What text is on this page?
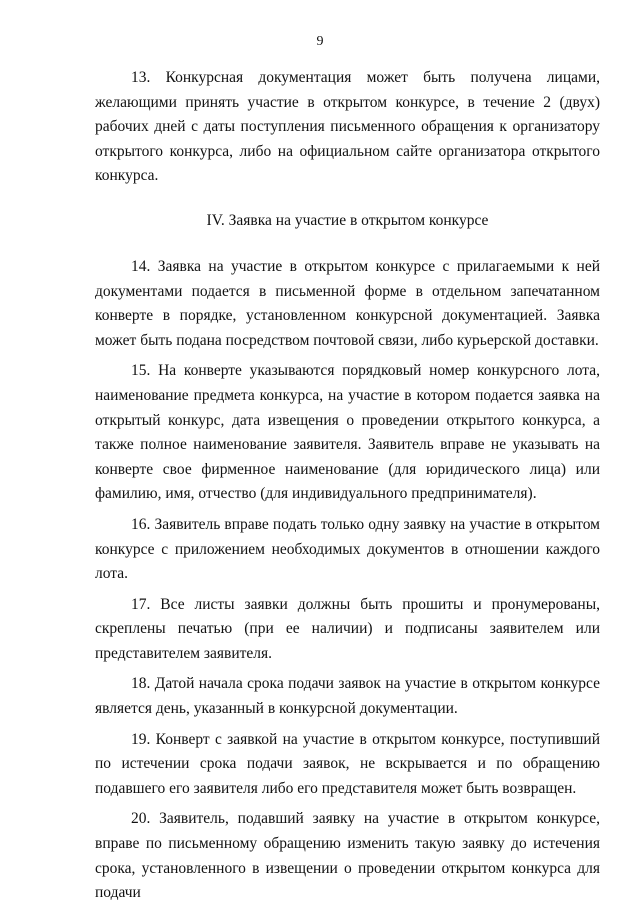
9

13. Конкурсная документация может быть получена лицами, желающими принять участие в открытом конкурсе, в течение 2 (двух) рабочих дней с даты поступления письменного обращения к организатору открытого конкурса, либо на официальном сайте организатора открытого конкурса.

IV. Заявка на участие в открытом конкурсе

14. Заявка на участие в открытом конкурсе с прилагаемыми к ней документами подается в письменной форме в отдельном запечатанном конверте в порядке, установленном конкурсной документацией. Заявка может быть подана посредством почтовой связи, либо курьерской доставки.

15. На конверте указываются порядковый номер конкурсного лота, наименование предмета конкурса, на участие в котором подается заявка на открытый конкурс, дата извещения о проведении открытого конкурса, а также полное наименование заявителя. Заявитель вправе не указывать на конверте свое фирменное наименование (для юридического лица) или фамилию, имя, отчество (для индивидуального предпринимателя).

16. Заявитель вправе подать только одну заявку на участие в открытом конкурсе с приложением необходимых документов в отношении каждого лота.

17. Все листы заявки должны быть прошиты и пронумерованы, скреплены печатью (при ее наличии) и подписаны заявителем или представителем заявителя.

18. Датой начала срока подачи заявок на участие в открытом конкурсе является день, указанный в конкурсной документации.

19. Конверт с заявкой на участие в открытом конкурсе, поступивший по истечении срока подачи заявок, не вскрывается и по обращению подавшего его заявителя либо его представителя может быть возвращен.

20. Заявитель, подавший заявку на участие в открытом конкурсе, вправе по письменному обращению изменить такую заявку до истечения срока, установленного в извещении о проведении открытом конкурса для подачи
